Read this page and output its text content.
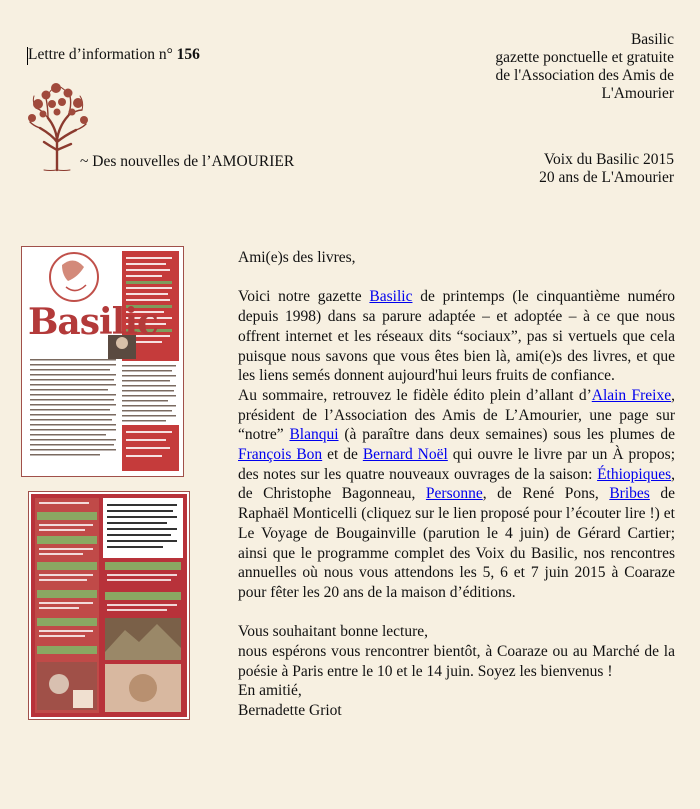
Lettre d’information n° 156
Basilic
gazette ponctuelle et gratuite
de l'Association des Amis de
L'Amourier
~ Des nouvelles de l’AMOURIER	Voix du Basilic 2015
20 ans de L'Amourier
Basilic

Ami(e)s des livres,

Voici notre gazette Basilic de printemps (le cinquantième numéro depuis 1998) dans sa parure adaptée – et adoptée – à ce que nous offrent internet et les réseaux dits “sociaux”, pas si vertuels que cela puisque nous savons que vous êtes bien là, ami(e)s des livres, et que les liens semés donnent aujourd'hui leurs fruits de confiance.

Au sommaire, retrouvez le fidèle édito plein d’allant d’Alain Freixe, président de l’Association des Amis de L’Amourier, une page sur “notre” Blanqui (à paraître dans deux semaines) sous les plumes de François Bon et de Bernard Noël qui ouvre le livre par un À propos; des notes sur les quatre nouveaux ouvrages de la saison: Éthiopiques, de Christophe Bagonneau, Personne, de René Pons, Bribes de Raphaël Monticelli (cliquez sur le lien proposé pour l’écouter lire !) et Le Voyage de Bougainville (parution le 4 juin) de Gérard Cartier; ainsi que le programme complet des Voix du Basilic, nos rencontres annuelles où nous vous attendons les 5, 6 et 7 juin 2015 à Coaraze pour fêter les 20 ans de la maison d’éditions.

Vous souhaitant bonne lecture,

nous espérons vous rencontrer bientôt, à Coaraze ou au Marché de la poésie à Paris entre le 10 et le 14 juin. Soyez les bienvenus !

En amitié,

Bernadette Griot
